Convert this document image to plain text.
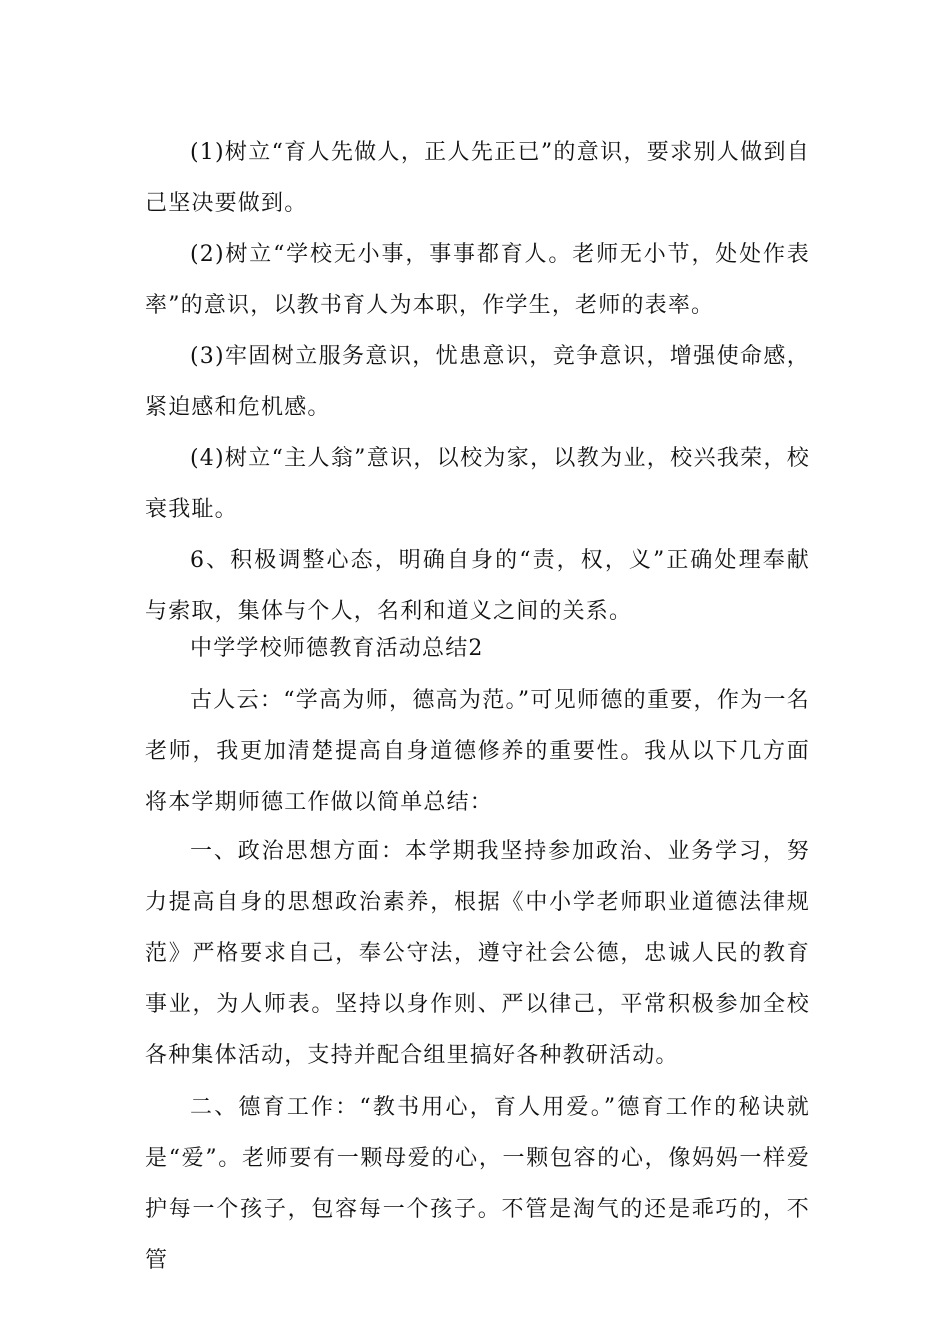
(1)树立“育人先做人，正人先正已”的意识，要求别人做到自己坚决要做到。

(2)树立“学校无小事，事事都育人。老师无小节，处处作表率”的意识，以教书育人为本职，作学生，老师的表率。

(3)牢固树立服务意识，忧患意识，竞争意识，增强使命感，紧迫感和危机感。

(4)树立“主人翁”意识，以校为家，以教为业，校兴我荣，校衰我耻。

6、积极调整心态，明确自身的“责，权，义”正确处理奉献与索取，集体与个人，名利和道义之间的关系。

中学学校师德教育活动总结2

古人云：“学高为师，德高为范。”可见师德的重要，作为一名老师，我更加清楚提高自身道德修养的重要性。我从以下几方面将本学期师德工作做以简单总结：

一、政治思想方面：本学期我坚持参加政治、业务学习，努力提高自身的思想政治素养，根据《中小学老师职业道德法律规范》严格要求自己，奉公守法，遵守社会公德，忠诚人民的教育事业，为人师表。坚持以身作则、严以律己，平常积极参加全校各种集体活动，支持并配合组里搞好各种教研活动。

二、德育工作：“教书用心，育人用爱。”德育工作的秘诀就是“爱”。老师要有一颗母爱的心，一颗包容的心，像妈妈一样爱护每一个孩子，包容每一个孩子。不管是淘气的还是乖巧的，不管
